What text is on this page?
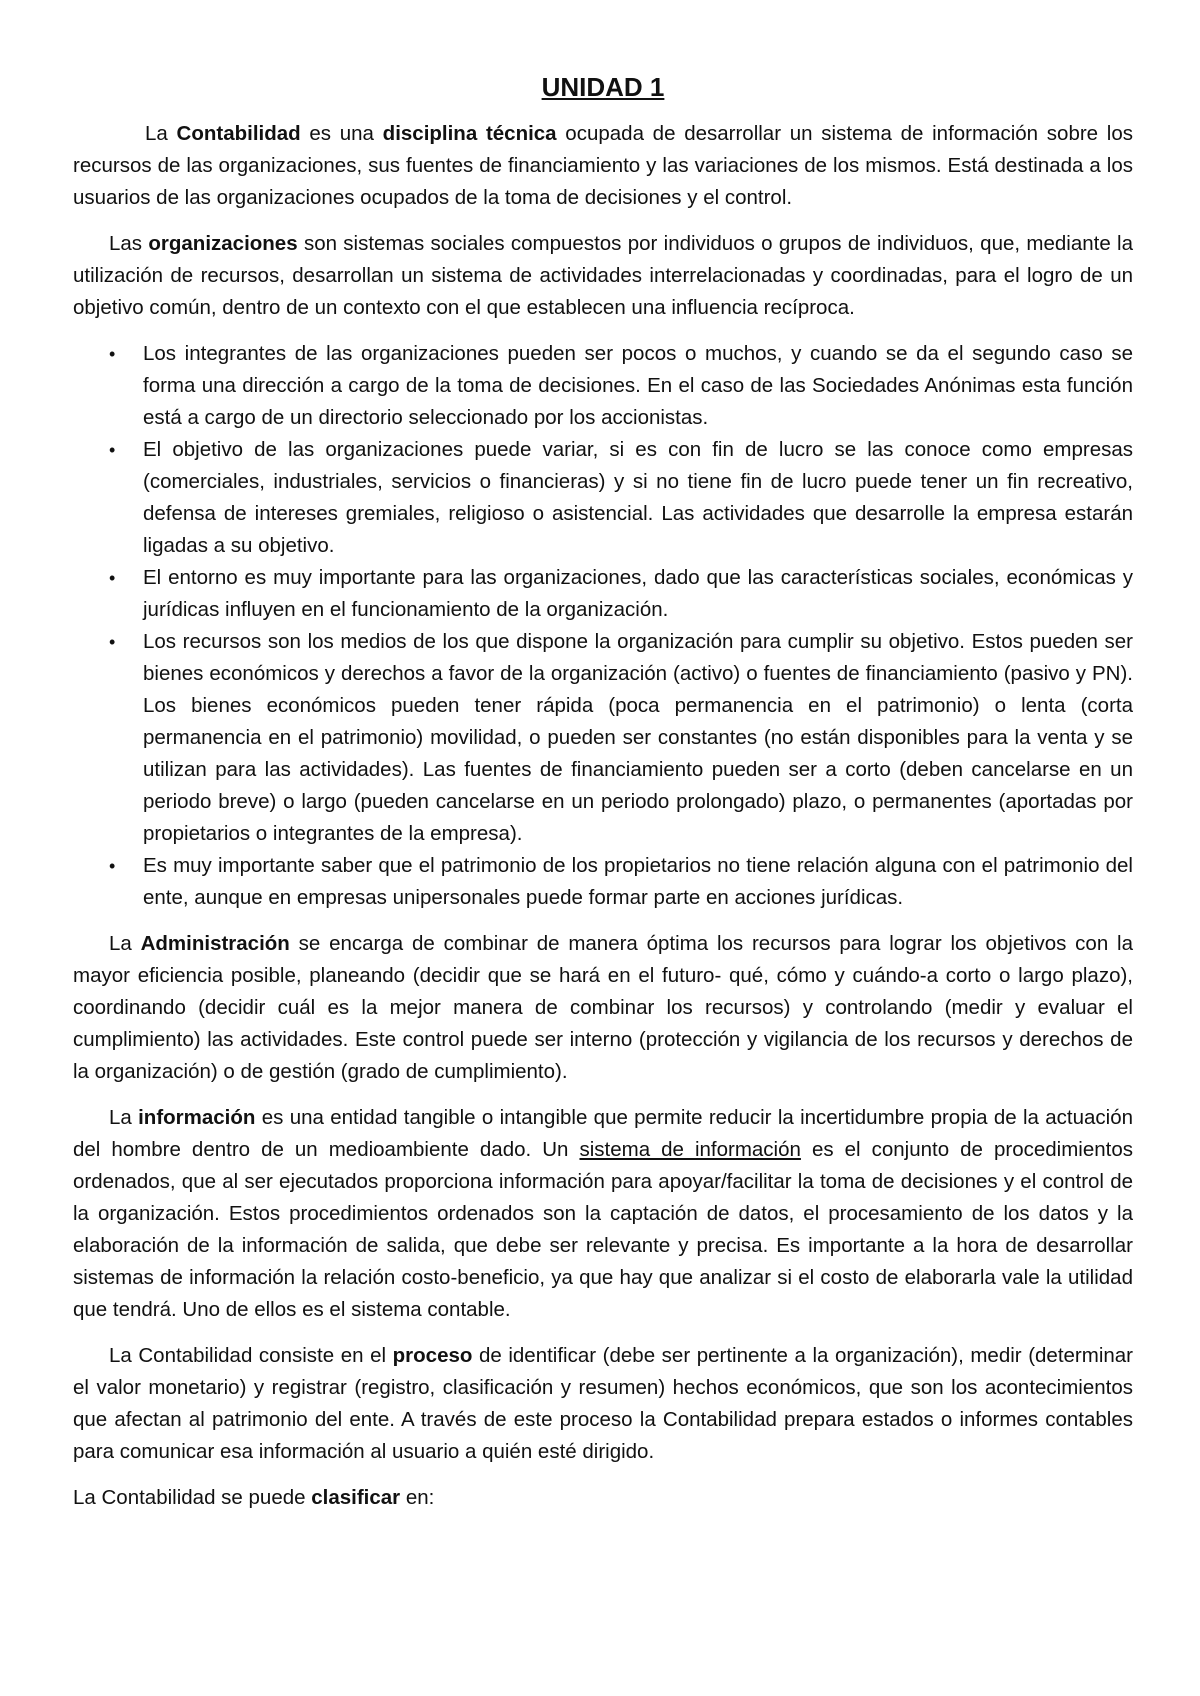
UNIDAD 1

La Contabilidad es una disciplina técnica ocupada de desarrollar un sistema de información sobre los recursos de las organizaciones, sus fuentes de financiamiento y las variaciones de los mismos. Está destinada a los usuarios de las organizaciones ocupados de la toma de decisiones y el control.

Las organizaciones son sistemas sociales compuestos por individuos o grupos de individuos, que, mediante la utilización de recursos, desarrollan un sistema de actividades interrelacionadas y coordinadas, para el logro de un objetivo común, dentro de un contexto con el que establecen una influencia recíproca.

• Los integrantes de las organizaciones pueden ser pocos o muchos, y cuando se da el segundo caso se forma una dirección a cargo de la toma de decisiones. En el caso de las Sociedades Anónimas esta función está a cargo de un directorio seleccionado por los accionistas.
• El objetivo de las organizaciones puede variar, si es con fin de lucro se las conoce como empresas (comerciales, industriales, servicios o financieras) y si no tiene fin de lucro puede tener un fin recreativo, defensa de intereses gremiales, religioso o asistencial. Las actividades que desarrolle la empresa estarán ligadas a su objetivo.
• El entorno es muy importante para las organizaciones, dado que las características sociales, económicas y jurídicas influyen en el funcionamiento de la organización.
• Los recursos son los medios de los que dispone la organización para cumplir su objetivo. Estos pueden ser bienes económicos y derechos a favor de la organización (activo) o fuentes de financiamiento (pasivo y PN). Los bienes económicos pueden tener rápida (poca permanencia en el patrimonio) o lenta (corta permanencia en el patrimonio) movilidad, o pueden ser constantes (no están disponibles para la venta y se utilizan para las actividades). Las fuentes de financiamiento pueden ser a corto (deben cancelarse en un periodo breve) o largo (pueden cancelarse en un periodo prolongado) plazo, o permanentes (aportadas por propietarios o integrantes de la empresa).
• Es muy importante saber que el patrimonio de los propietarios no tiene relación alguna con el patrimonio del ente, aunque en empresas unipersonales puede formar parte en acciones jurídicas.

La Administración se encarga de combinar de manera óptima los recursos para lograr los objetivos con la mayor eficiencia posible, planeando (decidir que se hará en el futuro- qué, cómo y cuándo-a corto o largo plazo), coordinando (decidir cuál es la mejor manera de combinar los recursos) y controlando (medir y evaluar el cumplimiento) las actividades. Este control puede ser interno (protección y vigilancia de los recursos y derechos de la organización) o de gestión (grado de cumplimiento).

La información es una entidad tangible o intangible que permite reducir la incertidumbre propia de la actuación del hombre dentro de un medioambiente dado. Un sistema de información es el conjunto de procedimientos ordenados, que al ser ejecutados proporciona información para apoyar/facilitar la toma de decisiones y el control de la organización. Estos procedimientos ordenados son la captación de datos, el procesamiento de los datos y la elaboración de la información de salida, que debe ser relevante y precisa. Es importante a la hora de desarrollar sistemas de información la relación costo-beneficio, ya que hay que analizar si el costo de elaborarla vale la utilidad que tendrá. Uno de ellos es el sistema contable.

La Contabilidad consiste en el proceso de identificar (debe ser pertinente a la organización), medir (determinar el valor monetario) y registrar (registro, clasificación y resumen) hechos económicos, que son los acontecimientos que afectan al patrimonio del ente. A través de este proceso la Contabilidad prepara estados o informes contables para comunicar esa información al usuario a quién esté dirigido.

La Contabilidad se puede clasificar en:
